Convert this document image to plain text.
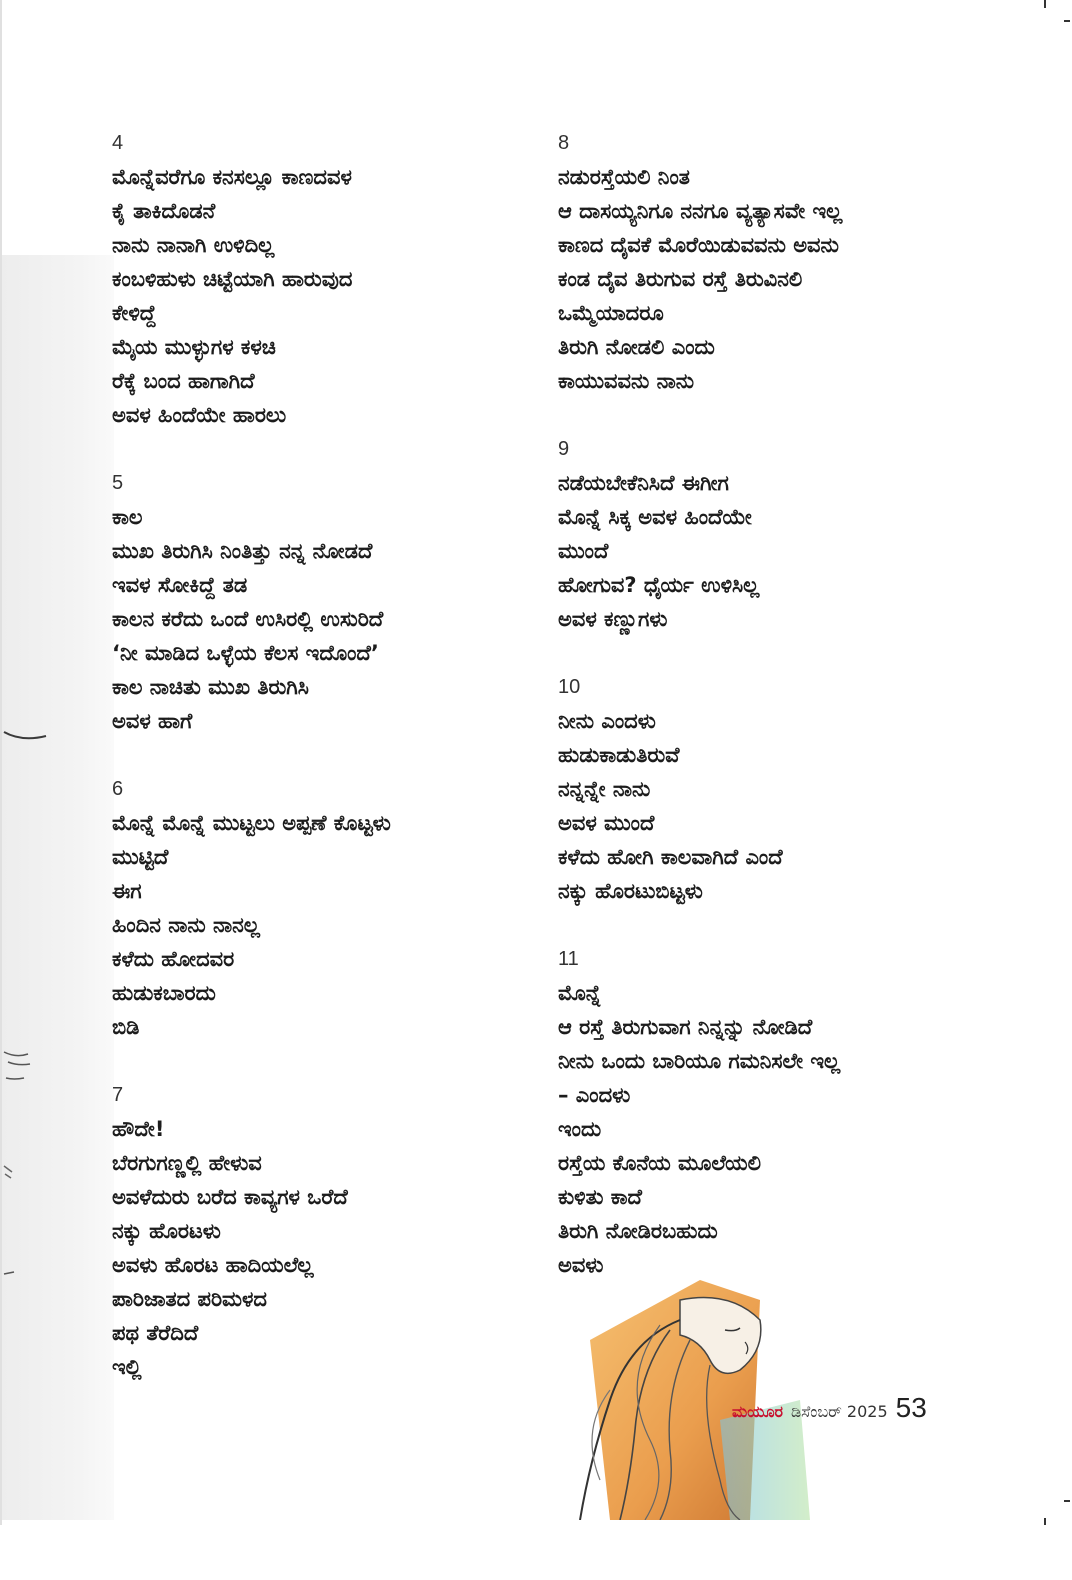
4
ಮೊನ್ನೆವರೆಗೂ ಕನಸಲ್ಲೂ ಕಾಣದವಳ
ಕೈ ತಾಕಿದೊಡನೆ
ನಾನು ನಾನಾಗಿ ಉಳಿದಿಲ್ಲ
ಕಂಬಳಿಹುಳು ಚಿಟ್ಟೆಯಾಗಿ ಹಾರುವುದ
ಕೇಳಿದ್ದೆ
ಮೈಯ ಮುಳ್ಳುಗಳ ಕಳಚಿ
ರೆಕ್ಕೆ ಬಂದ ಹಾಗಾಗಿದೆ
ಅವಳ ಹಿಂದೆಯೇ ಹಾರಲು
5
ಕಾಲ
ಮುಖ ತಿರುಗಿಸಿ ನಿಂತಿತ್ತು ನನ್ನ ನೋಡದೆ
ಇವಳ ಸೋಕಿದ್ದೆ ತಡ
ಕಾಲನ ಕರೆದು ಒಂದೆ ಉಸಿರಲ್ಲಿ ಉಸುರಿದೆ
‘ನೀ ಮಾಡಿದ ಒಳ್ಳೆಯ ಕೆಲಸ ಇದೊಂದೆ’
ಕಾಲ ನಾಚಿತು ಮುಖ ತಿರುಗಿಸಿ
ಅವಳ ಹಾಗೆ
6
ಮೊನ್ನೆ ಮೊನ್ನೆ ಮುಟ್ಟಲು ಅಪ್ಪಣೆ ಕೊಟ್ಟಳು
ಮುಟ್ಟಿದೆ
ಈಗ
ಹಿಂದಿನ ನಾನು ನಾನಲ್ಲ
ಕಳೆದು ಹೋದವರ
ಹುಡುಕಬಾರದು
ಬಿಡಿ
7
ಹೌದೇ!
ಬೆರಗುಗಣ್ಣಲ್ಲಿ ಹೇಳುವ
ಅವಳೆದುರು ಬರೆದ ಕಾವ್ಯಗಳ ಒರೆದೆ
ನಕ್ಕು ಹೊರಟಳು
ಅವಳು ಹೊರಟ ಹಾದಿಯಲೆಲ್ಲ
ಪಾರಿಜಾತದ ಪರಿಮಳದ
ಪಥ ತೆರೆದಿದೆ
ಇಲ್ಲಿ
8
ನಡುರಸ್ತೆಯಲಿ ನಿಂತ
ಆ ದಾಸಯ್ಯನಿಗೂ ನನಗೂ ವ್ಯತ್ಯಾಸವೇ ಇಲ್ಲ
ಕಾಣದ ದೈವಕೆ ಮೊರೆಯಿಡುವವನು ಅವನು
ಕಂಡ ದೈವ ತಿರುಗುವ ರಸ್ತೆ ತಿರುವಿನಲಿ
ಒಮ್ಮೆಯಾದರೂ
ತಿರುಗಿ ನೋಡಲಿ ಎಂದು
ಕಾಯುವವನು ನಾನು
9
ನಡೆಯಬೇಕೆನಿಸಿದೆ ಈಗೀಗ
ಮೊನ್ನೆ ಸಿಕ್ಕ ಅವಳ ಹಿಂದೆಯೇ
ಮುಂದೆ
ಹೋಗುವ? ಧೈರ್ಯ ಉಳಿಸಿಲ್ಲ
ಅವಳ ಕಣ್ಣುಗಳು
10
ನೀನು ಎಂದಳು
ಹುಡುಕಾಡುತಿರುವೆ
ನನ್ನನ್ನೇ ನಾನು
ಅವಳ ಮುಂದೆ
ಕಳೆದು ಹೋಗಿ ಕಾಲವಾಗಿದೆ ಎಂದೆ
ನಕ್ಕು ಹೊರಟುಬಿಟ್ಟಳು
11
ಮೊನ್ನೆ
ಆ ರಸ್ತೆ ತಿರುಗುವಾಗ ನಿನ್ನನ್ನು ನೋಡಿದೆ
ನೀನು ಒಂದು ಬಾರಿಯೂ ಗಮನಿಸಲೇ ಇಲ್ಲ
– ಎಂದಳು
ಇಂದು
ರಸ್ತೆಯ ಕೊನೆಯ ಮೂಲೆಯಲಿ
ಕುಳಿತು ಕಾದೆ
ತಿರುಗಿ ನೋಡಿರಬಹುದು
ಅವಳು
ಮಯೂರ ಡಿಸೆಂಬರ್ 2025 53
